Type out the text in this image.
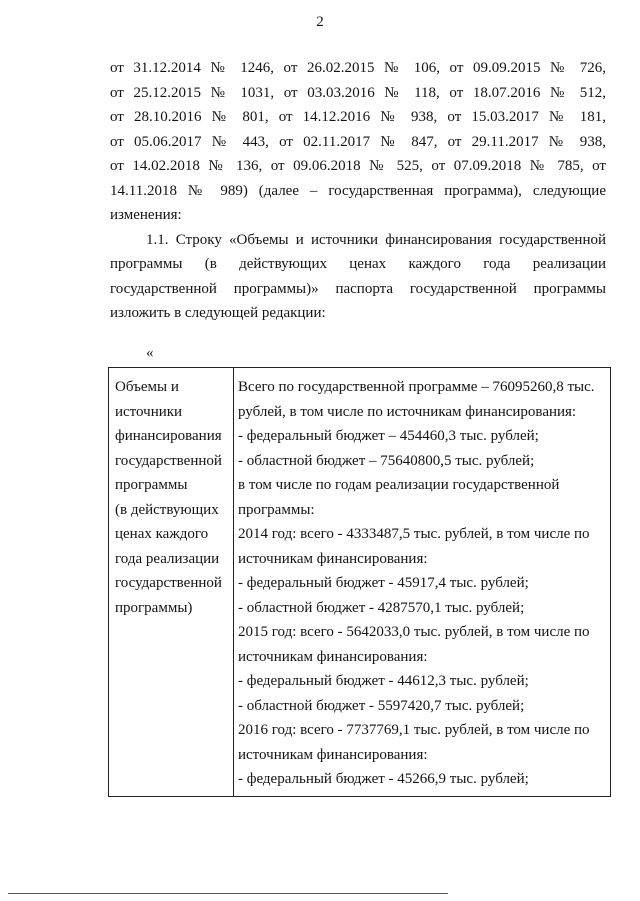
2
от 31.12.2014 № 1246, от 26.02.2015 № 106, от 09.09.2015 № 726,
от 25.12.2015 № 1031, от 03.03.2016 № 118, от 18.07.2016 № 512,
от 28.10.2016 № 801, от 14.12.2016 № 938, от 15.03.2017 № 181,
от 05.06.2017 № 443, от 02.11.2017 № 847, от 29.11.2017 № 938,
от 14.02.2018 № 136, от 09.06.2018 № 525, от 07.09.2018 № 785, от
14.11.2018 № 989) (далее – государственная программа), следующие
изменения:
1.1. Строку «Объемы и источники финансирования государственной
программы (в действующих ценах каждого года реализации
государственной программы)» паспорта государственной программы
изложить в следующей редакции:
«
Объемы и
источники
финансирования
государственной
программы
(в действующих
ценах каждого
года реализации
государственной
программы)
Всего по государственной программе – 76095260,8 тыс.
рублей, в том числе по источникам финансирования:
- федеральный бюджет – 454460,3 тыс. рублей;
- областной бюджет – 75640800,5 тыс. рублей;
в том числе по годам реализации государственной
программы:
2014 год: всего - 4333487,5 тыс. рублей, в том числе по
источникам финансирования:
- федеральный бюджет - 45917,4 тыс. рублей;
- областной бюджет - 4287570,1 тыс. рублей;
2015 год: всего - 5642033,0 тыс. рублей, в том числе по
источникам финансирования:
- федеральный бюджет - 44612,3 тыс. рублей;
- областной бюджет - 5597420,7 тыс. рублей;
2016 год: всего - 7737769,1 тыс. рублей, в том числе по
источникам финансирования:
- федеральный бюджет - 45266,9 тыс. рублей;
